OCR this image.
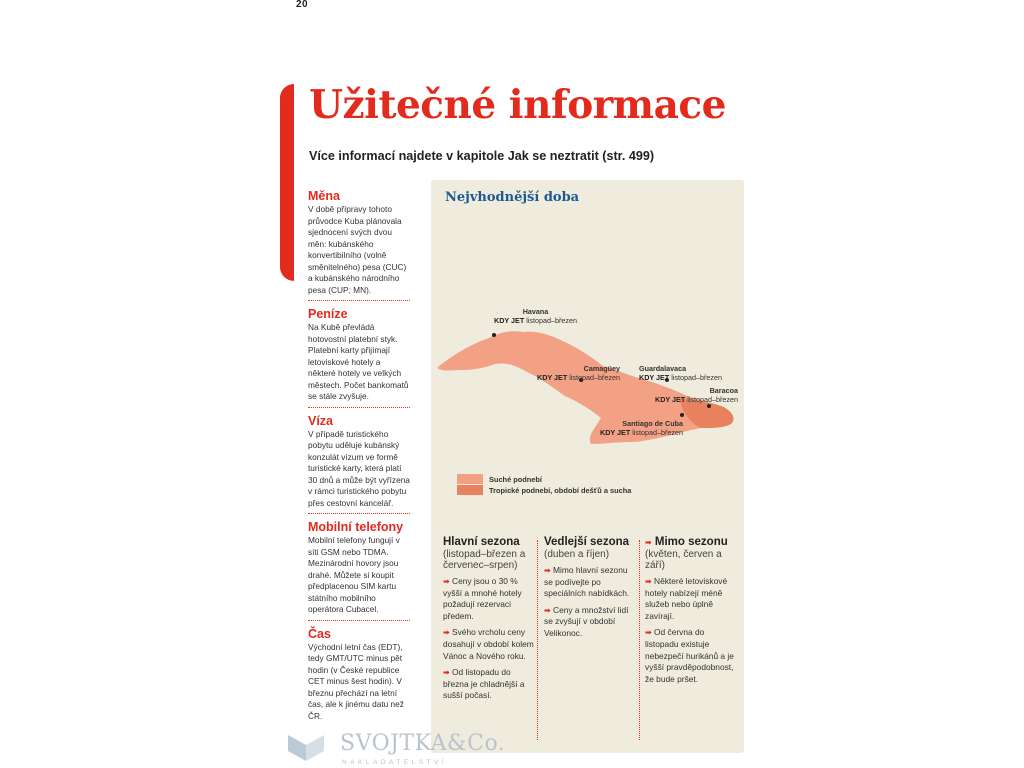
20
Užitečné informace
Více informací najdete v kapitole Jak se neztratit (str. 499)
Měna

V době přípravy tohoto průvodce Kuba plánovala sjednocení svých dvou měn: kubánského konvertibilního (volně směnitelného) pesa (CUC) a kubánského národního pesa (CUP; MN).

Peníze

Na Kubě převládá hotovostní platební styk. Platební karty přijímají letoviskové hotely a některé hotely ve velkých městech. Počet bankomatů se stále zvyšuje.

Víza

V případě turistického pobytu uděluje kubánský konzulát vízum ve formě turistické karty, která platí 30 dnů a může být vyřízena v rámci turistického pobytu přes cestovní kancelář.

Mobilní telefony

Mobilní telefony fungují v síti GSM nebo TDMA. Mezinárodní hovory jsou drahé. Můžete si koupit předplacenou SIM kartu státního mobilního operátora Cubacel.

Čas

Východní letní čas (EDT), tedy GMT/UTC minus pět hodin (v České republice CET minus šest hodin). V březnu přechází na letní čas, ale k jinému datu než ČR.

Nejvhodnější doba
Havana
KDY JET listopad–březen
Camagüey
KDY JET listopad–březen
Guardalavaca
KDY JET listopad–březen
Baracoa
KDY JET listopad–březen
Santiago de Cuba
KDY JET listopad–březen
Suché podnebí
Tropické podnebí, období dešťů a sucha
Hlavní sezona
(listopad–březen a červenec–srpen)
➡ Ceny jsou o 30 % vyšší a mnohé hotely požadují rezervaci předem.
➡ Svého vrcholu ceny dosahují v období kolem Vánoc a Nového roku.
➡ Od listopadu do března je chladnější a sušší počasí.
Vedlejší sezona
(duben a říjen)
➡ Mimo hlavní sezonu se podívejte po speciálních nabídkách.
➡ Ceny a množství lidí se zvyšují v období Velikonoc.
➡ Mimo sezonu
(květen, červen a září)
➡ Některé letoviskové hotely nabízejí méně služeb nebo úplně zavírají.
➡ Od června do listopadu existuje nebezpečí hurikánů a je vyšší pravděpodobnost, že bude pršet.
SVOJTKA&Co.
NAKLADATELSTVÍ
